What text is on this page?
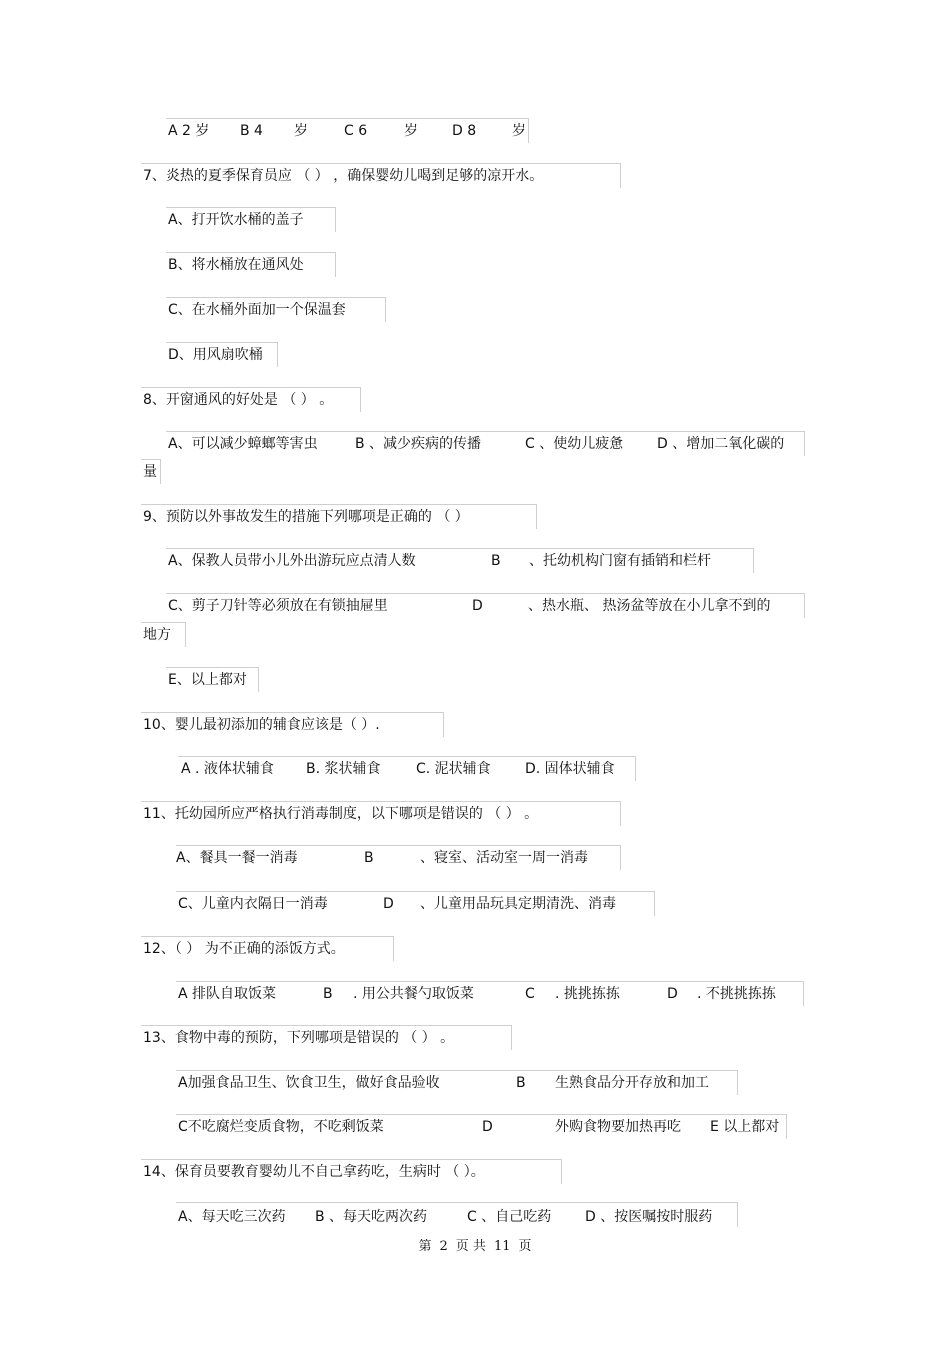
A 2 岁 B 4 岁	C 6	岁 D 8	岁
7、炎热的夏季保育员应 （ ） ，确保婴幼儿喝到足够的凉开水。
A、打开饮水桶的盖子
B、将水桶放在通风处
C、在水桶外面加一个保温套
D、用风扇吹桶
8、开窗通风的好处是 （ ） 。
A、可以减少蟑螂等害虫	B 、减少疾病的传播	C 、使幼儿疲惫 D 、增加二氧化碳的
量
9、预防以外事故发生的措施下列哪项是正确的 （ ）
A、保教人员带小儿外出游玩应点清人数	B 、托幼机构门窗有插销和栏杆
C、剪子刀针等必须放在有锁抽屉里	D	、热水瓶、 热汤盆等放在小儿拿不到的
地方
E、以上都对
10、婴儿最初添加的辅食应该是（ ）.
A . 液体状辅食 B. 浆状辅食	C. 泥状辅食 D. 固体状辅食
11、托幼园所应严格执行消毒制度，以下哪项是错误的 （ ） 。
A、餐具一餐一消毒	B	、寝室、活动室一周一消毒
C、儿童内衣隔日一消毒	D 、儿童用品玩具定期清洗、消毒
12、（ ） 为不正确的添饭方式。
A 排队自取饭菜	B . 用公共餐勺取饭菜	C . 挑挑拣拣	D . 不挑挑拣拣
13、食物中毒的预防，下列哪项是错误的 （ ） 。
A加强食品卫生、饮食卫生，做好食品验收	B 生熟食品分开存放和加工
C不吃腐烂变质食物，不吃剩饭菜	D	外购食物要加热再吃 E 以上都对
14、保育员要教育婴幼儿不自己拿药吃，生病时 （ ）。
A、每天吃三次药 B 、每天吃两次药	C 、自己吃药 D 、按医嘱按时服药
第 2 页 共 11 页
